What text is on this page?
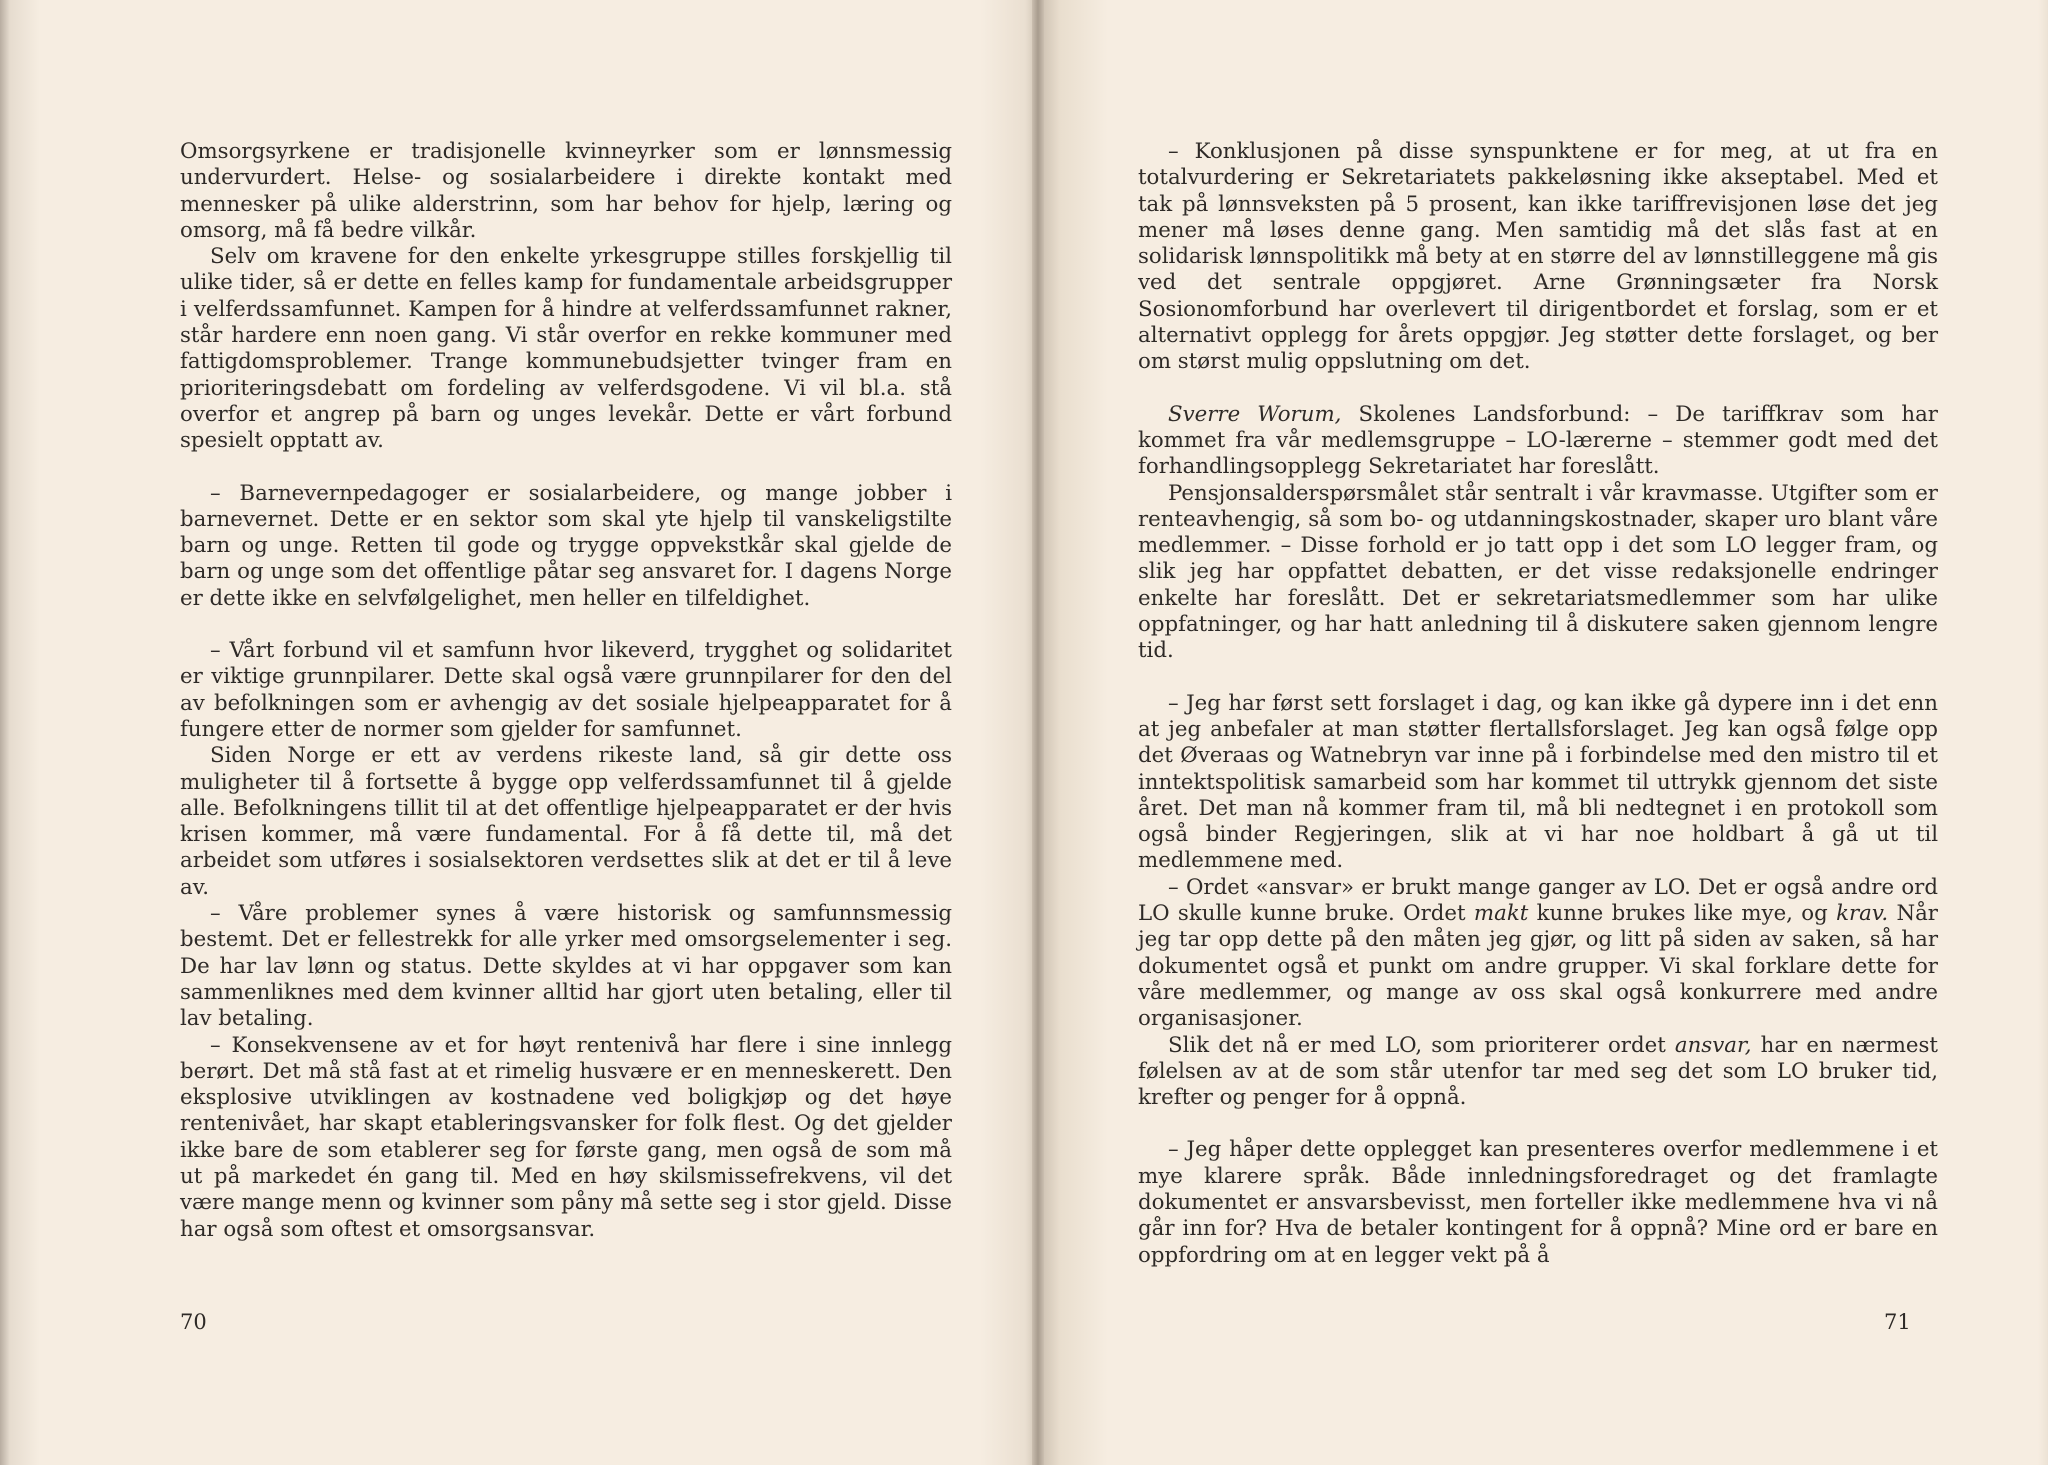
Omsorgsyrkene er tradisjonelle kvinneyrker som er lønnsmessig undervurdert. Helse- og sosialarbeidere i direkte kontakt med mennesker på ulike alderstrinn, som har behov for hjelp, læring og omsorg, må få bedre vilkår.

Selv om kravene for den enkelte yrkesgruppe stilles forskjellig til ulike tider, så er dette en felles kamp for fundamentale arbeidsgrupper i velferdssamfunnet. Kampen for å hindre at velferdssamfunnet rakner, står hardere enn noen gang. Vi står overfor en rekke kommuner med fattigdomsproblemer. Trange kommunebudsjetter tvinger fram en prioriteringsdebatt om fordeling av velferdsgodene. Vi vil bl.a. stå overfor et angrep på barn og unges levekår. Dette er vårt forbund spesielt opptatt av.

– Barnevernpedagoger er sosialarbeidere, og mange jobber i barnevernet. Dette er en sektor som skal yte hjelp til vanskeligstilte barn og unge. Retten til gode og trygge oppvekstkår skal gjelde de barn og unge som det offentlige påtar seg ansvaret for. I dagens Norge er dette ikke en selvfølgelighet, men heller en tilfeldighet.

– Vårt forbund vil et samfunn hvor likeverd, trygghet og solidaritet er viktige grunnpilarer. Dette skal også være grunnpilarer for den del av befolkningen som er avhengig av det sosiale hjelpeapparatet for å fungere etter de normer som gjelder for samfunnet.

Siden Norge er ett av verdens rikeste land, så gir dette oss muligheter til å fortsette å bygge opp velferdssamfunnet til å gjelde alle. Befolkningens tillit til at det offentlige hjelpeapparatet er der hvis krisen kommer, må være fundamental. For å få dette til, må det arbeidet som utføres i sosialsektoren verdsettes slik at det er til å leve av.

– Våre problemer synes å være historisk og samfunnsmessig bestemt. Det er fellestrekk for alle yrker med omsorgselementer i seg. De har lav lønn og status. Dette skyldes at vi har oppgaver som kan sammenliknes med dem kvinner alltid har gjort uten betaling, eller til lav betaling.

– Konsekvensene av et for høyt rentenivå har flere i sine innlegg berørt. Det må stå fast at et rimelig husvære er en menneskerett. Den eksplosive utviklingen av kostnadene ved boligkjøp og det høye rentenivået, har skapt etableringsvansker for folk flest. Og det gjelder ikke bare de som etablerer seg for første gang, men også de som må ut på markedet én gang til. Med en høy skilsmissefrekvens, vil det være mange menn og kvinner som påny må sette seg i stor gjeld. Disse har også som oftest et omsorgsansvar.

70

– Konklusjonen på disse synspunktene er for meg, at ut fra en totalvurdering er Sekretariatets pakkeløsning ikke akseptabel. Med et tak på lønnsveksten på 5 prosent, kan ikke tariffrevisjonen løse det jeg mener må løses denne gang. Men samtidig må det slås fast at en solidarisk lønnspolitikk må bety at en større del av lønnstilleggene må gis ved det sentrale oppgjøret. Arne Grønningsæter fra Norsk Sosionomforbund har overlevert til dirigentbordet et forslag, som er et alternativt opplegg for årets oppgjør. Jeg støtter dette forslaget, og ber om størst mulig oppslutning om det.

Sverre Worum, Skolenes Landsforbund: – De tariffkrav som har kommet fra vår medlemsgruppe – LO-lærerne – stemmer godt med det forhandlingsopplegg Sekretariatet har foreslått.

Pensjonsalderspørsmålet står sentralt i vår kravmasse. Utgifter som er renteavhengig, så som bo- og utdanningskostnader, skaper uro blant våre medlemmer. – Disse forhold er jo tatt opp i det som LO legger fram, og slik jeg har oppfattet debatten, er det visse redaksjonelle endringer enkelte har foreslått. Det er sekretariatsmedlemmer som har ulike oppfatninger, og har hatt anledning til å diskutere saken gjennom lengre tid.

– Jeg har først sett forslaget i dag, og kan ikke gå dypere inn i det enn at jeg anbefaler at man støtter flertallsforslaget. Jeg kan også følge opp det Øveraas og Watnebryn var inne på i forbindelse med den mistro til et inntektspolitisk samarbeid som har kommet til uttrykk gjennom det siste året. Det man nå kommer fram til, må bli nedtegnet i en protokoll som også binder Regjeringen, slik at vi har noe holdbart å gå ut til medlemmene med.

– Ordet «ansvar» er brukt mange ganger av LO. Det er også andre ord LO skulle kunne bruke. Ordet makt kunne brukes like mye, og krav. Når jeg tar opp dette på den måten jeg gjør, og litt på siden av saken, så har dokumentet også et punkt om andre grupper. Vi skal forklare dette for våre medlemmer, og mange av oss skal også konkurrere med andre organisasjoner.

Slik det nå er med LO, som prioriterer ordet ansvar, har en nærmest følelsen av at de som står utenfor tar med seg det som LO bruker tid, krefter og penger for å oppnå.

– Jeg håper dette opplegget kan presenteres overfor medlemmene i et mye klarere språk. Både innledningsforedraget og det framlagte dokumentet er ansvarsbevisst, men forteller ikke medlemmene hva vi nå går inn for? Hva de betaler kontingent for å oppnå? Mine ord er bare en oppfordring om at en legger vekt på å

71
